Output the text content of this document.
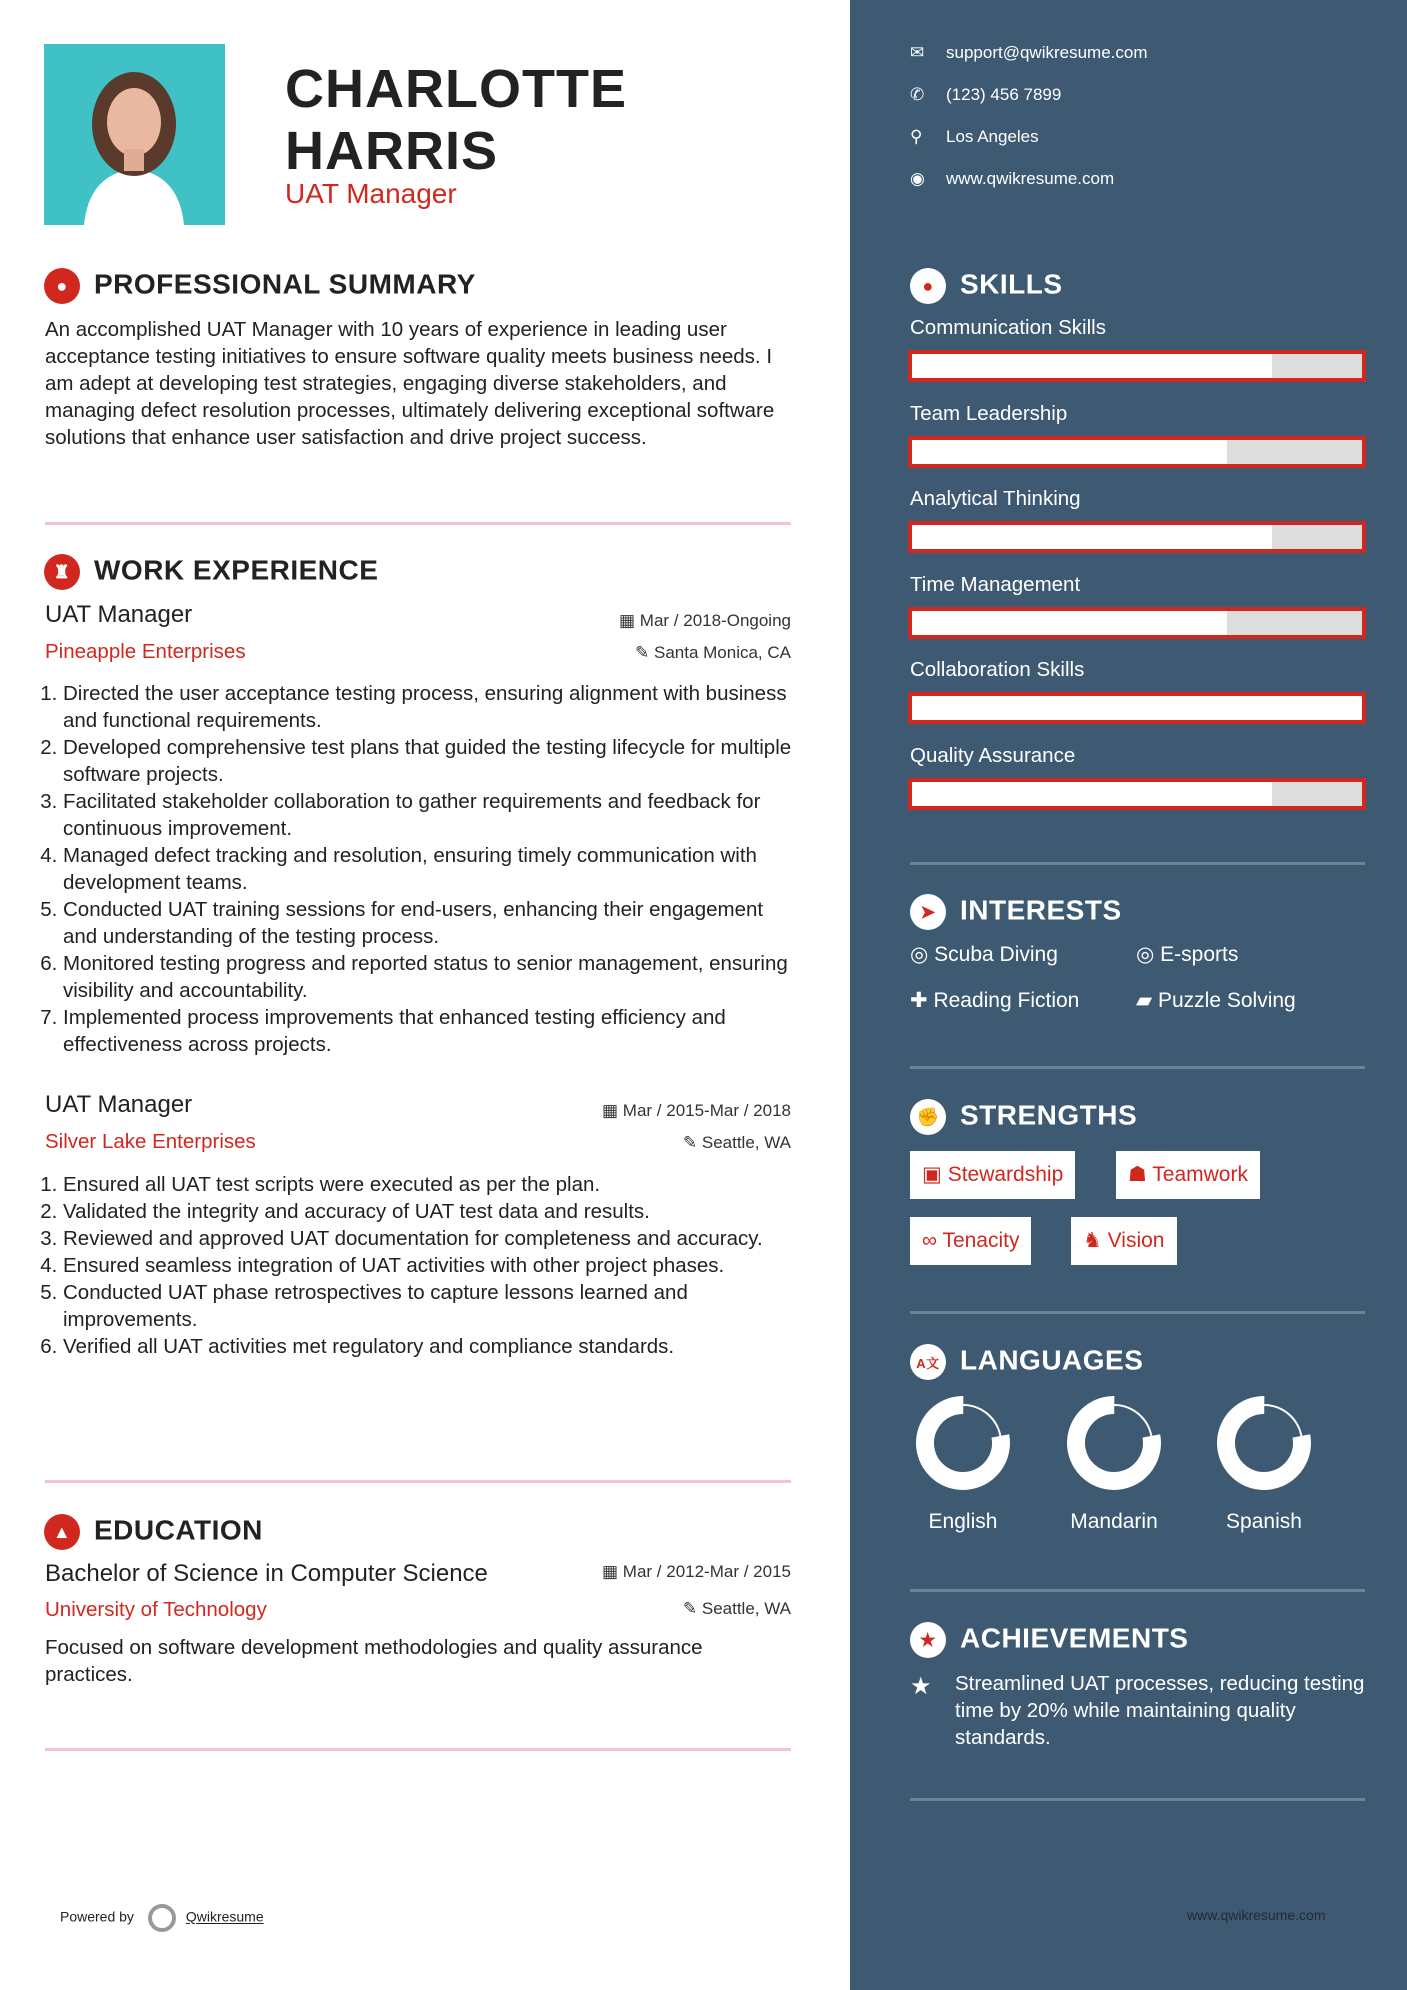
CHARLOTTE
HARRIS
UAT Manager
● PROFESSIONAL SUMMARY
An accomplished UAT Manager with 10 years of experience in leading user acceptance testing initiatives to ensure software quality meets business needs. I am adept at developing test strategies, engaging diverse stakeholders, and managing defect resolution processes, ultimately delivering exceptional software solutions that enhance user satisfaction and drive project success.
♜ WORK EXPERIENCE
UAT Manager	▦ Mar / 2018-Ongoing
Pineapple Enterprises	✎ Santa Monica, CA
1. Directed the user acceptance testing process, ensuring alignment with business and functional requirements.
2. Developed comprehensive test plans that guided the testing lifecycle for multiple software projects.
3. Facilitated stakeholder collaboration to gather requirements and feedback for continuous improvement.
4. Managed defect tracking and resolution, ensuring timely communication with development teams.
5. Conducted UAT training sessions for end-users, enhancing their engagement and understanding of the testing process.
6. Monitored testing progress and reported status to senior management, ensuring visibility and accountability.
7. Implemented process improvements that enhanced testing efficiency and effectiveness across projects.
UAT Manager	▦ Mar / 2015-Mar / 2018
Silver Lake Enterprises	✎ Seattle, WA
1. Ensured all UAT test scripts were executed as per the plan.
2. Validated the integrity and accuracy of UAT test data and results.
3. Reviewed and approved UAT documentation for completeness and accuracy.
4. Ensured seamless integration of UAT activities with other project phases.
5. Conducted UAT phase retrospectives to capture lessons learned and improvements.
6. Verified all UAT activities met regulatory and compliance standards.
▲ EDUCATION
Bachelor of Science in Computer Science	▦ Mar / 2012-Mar / 2015
University of Technology	✎ Seattle, WA
Focused on software development methodologies and quality assurance practices.
Powered by	Qwikresume
✉ support@qwikresume.com
✆ (123) 456 7899
⚲ Los Angeles
◉ www.qwikresume.com
● SKILLS
Communication Skills
Team Leadership
Analytical Thinking
Time Management
Collaboration Skills
Quality Assurance
➤ INTERESTS
◎ Scuba Diving	◎ E-sports
✚ Reading Fiction	▰ Puzzle Solving
✊ STRENGTHS
▣ Stewardship	☗ Teamwork
∞ Tenacity	♞ Vision
A文 LANGUAGES
English	Mandarin	Spanish
★ ACHIEVEMENTS
★ Streamlined UAT processes, reducing testing time by 20% while maintaining quality standards.
www.qwikresume.com
